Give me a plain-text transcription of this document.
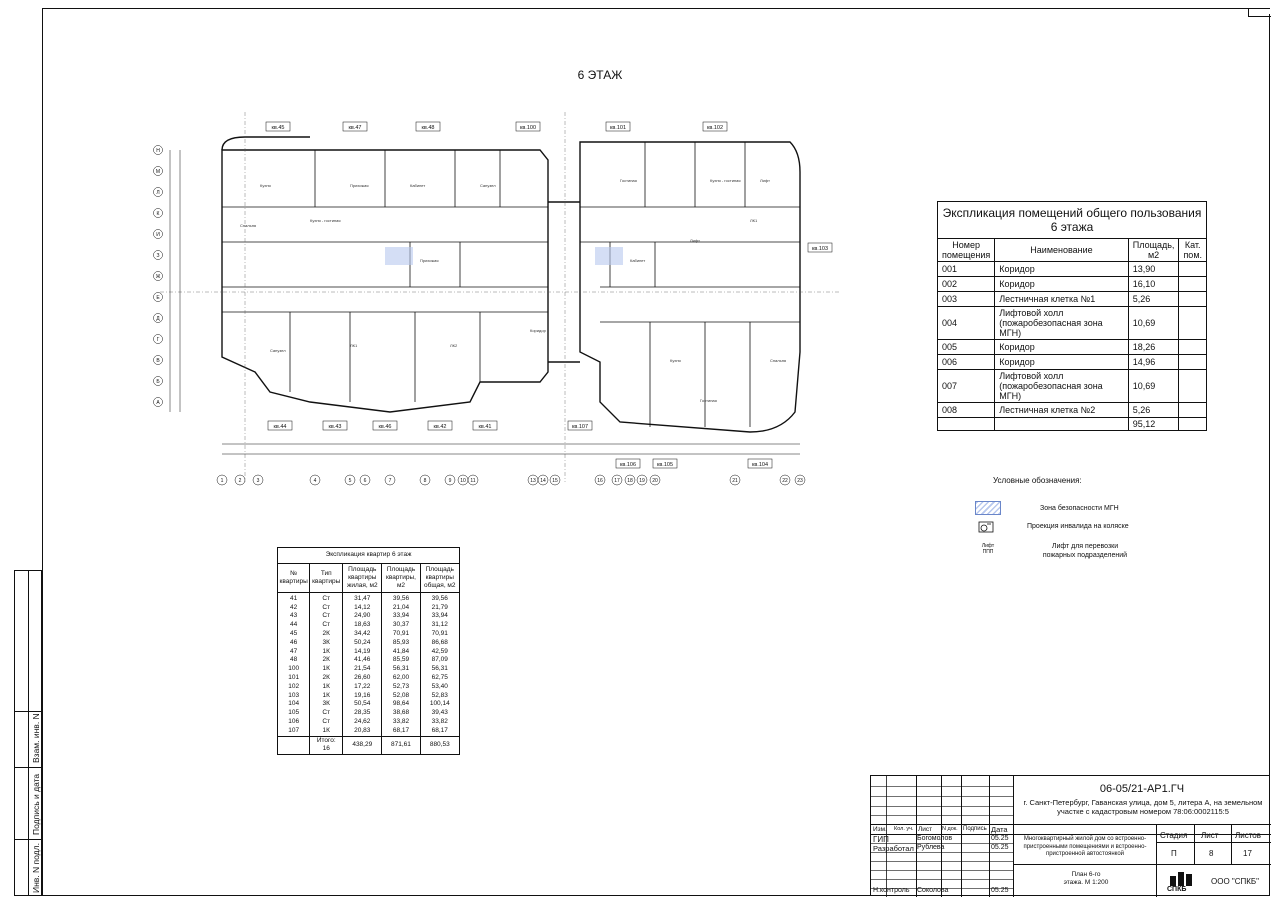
6 ЭТАЖ
кв.45	кв.47	кв.48	кв.100	кв.101	кв.102
кв.103
кв.43
кв.44	кв.46	кв.42	кв.41	кв.107
кв.106	кв.105	кв.104
1	2	3	4	5 6	7	8	9 10 11	13 14 15	16 17 18 19 20	21	22 23
Н
М
Л
К
И
З
Ж
Е
Д
Г
В
Б
А
Кухня
Спальня
Прихожая	Кабинет	Санузел
Гостиная	Кухня - гостиная	Лифт
ЛК1	ЛК2
Коридор
Кухня	Спальня
Прихожая	Кабинет
Санузел
Гостиная
Кухня - гостиная
Лифт
ЛК1
Экспликация помещений общего пользования 6 этажа			
Номер помещения	Наименование	Площадь, м2	Кат. пом.
001	Коридор	13,90	
002	Коридор	16,10	
003	Лестничная клетка №1	5,26	
004	Лифтовой холл (пожаробезопасная зона МГН)	10,69	
005	Коридор	18,26	
006	Коридор	14,96	
007	Лифтовой холл (пожаробезопасная зона МГН)	10,69	
008	Лестничная клетка №2	5,26	
		95,12	
Условные обозначения:
Зона безопасности МГН
Проекция инвалида на коляске
Лифт ППП
Лифт для перевозки пожарных подразделений
Экспликация квартир 6 этаж				
№ квартиры	Тип квартиры	Площадь квартиры жилая, м2	Площадь квартиры, м2	Площадь квартиры общая, м2
41	Ст	31,47	39,56	39,56
42	Ст	14,12	21,04	21,79
43	Ст	24,90	33,94	33,94
44	Ст	18,63	30,37	31,12
45	2К	34,42	70,91	70,91
46	3К	50,24	85,93	86,68
47	1К	14,19	41,84	42,59
48	2К	41,46	85,59	87,09
100	1К	21,54	56,31	56,31
101	2К	26,60	62,00	62,75
102	1К	17,22	52,73	53,40
103	1К	19,16	52,08	52,83
104	3К	50,54	98,64	100,14
105	Ст	28,35	38,68	39,43
106	Ст	24,62	33,82	33,82
107	1К	20,83	68,17	68,17
	Итого: 16	438,29	871,61	880,53
Инв. N подл.
Подпись и дата
Взам. инв. N
Изм. Кол. уч. Лист N док. Подпись Дата
ГИП	Богомолов	05.25
Разработал Рублева	05.25
Н.контроль Соколова	05.25
06-05/21-АР1.ГЧ
г. Санкт-Петербург, Гаванская улица, дом 5, литера А, на земельном участке с кадастровым номером 78:06:0002115:5
Многоквартирный жилой дом со встроенно-пристроенными помещениями и встроенно-пристроенной автостоянкой
Стадия Лист Листов
П	8	17
План 6-го этажа. М 1:200
СПКБ
ООО "СПКБ"
